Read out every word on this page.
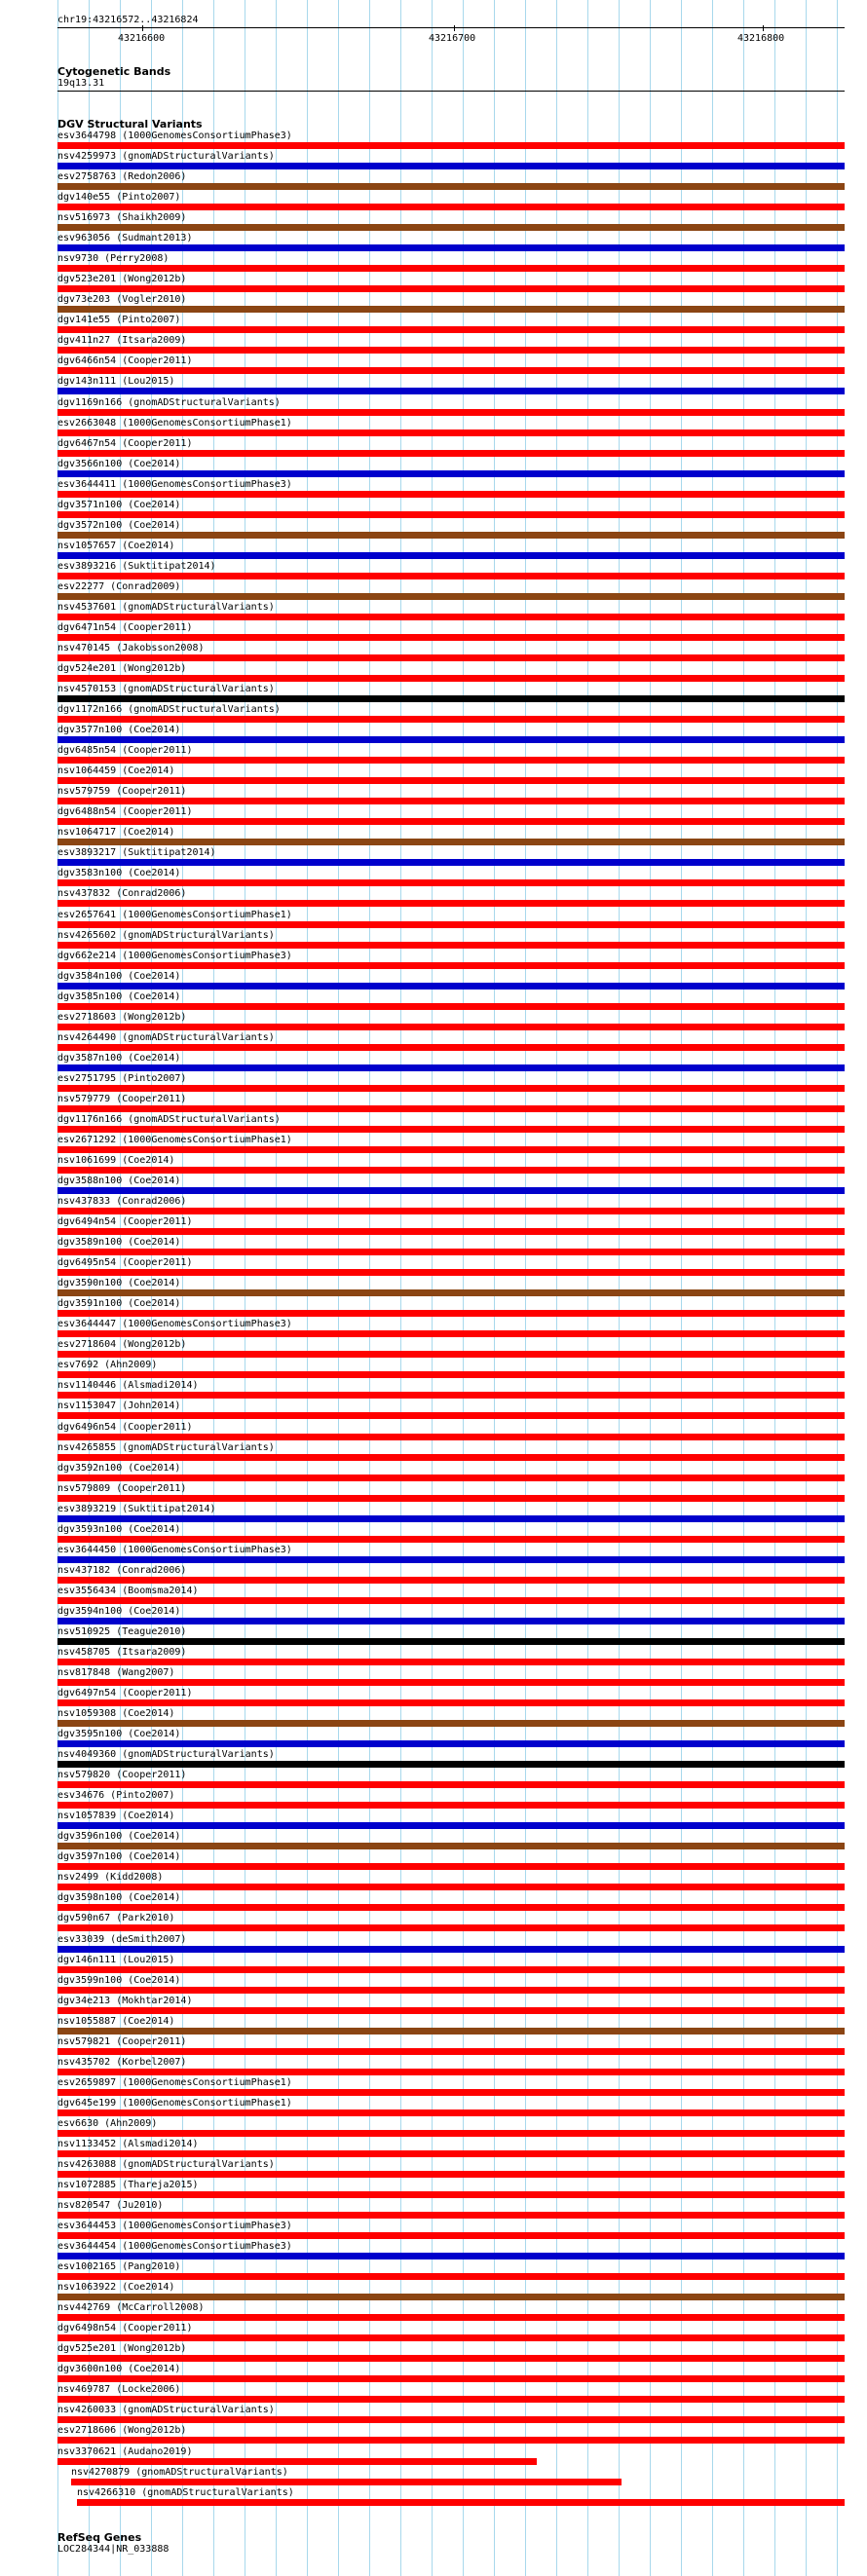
chr19:43216572..43216824
43216600	43216700	43216800
Cytogenetic Bands
19q13.31
DGV Structural Variants
esv3644798 (1000GenomesConsortiumPhase3)
nsv4259973 (gnomADStructuralVariants)
esv2758763 (Redon2006)
dgv140e55 (Pinto2007)
nsv516973 (Shaikh2009)
esv963056 (Sudmant2013)
nsv9730 (Perry2008)
dgv523e201 (Wong2012b)
dgv73e203 (Vogler2010)
dgv141e55 (Pinto2007)
dgv411n27 (Itsara2009)
dgv6466n54 (Cooper2011)
dgv143n111 (Lou2015)
dgv1169n166 (gnomADStructuralVariants)
esv2663048 (1000GenomesConsortiumPhase1)
dgv6467n54 (Cooper2011)
dgv3566n100 (Coe2014)
esv3644411 (1000GenomesConsortiumPhase3)
dgv3571n100 (Coe2014)
dgv3572n100 (Coe2014)
nsv1057657 (Coe2014)
esv3893216 (Suktitipat2014)
esv22277 (Conrad2009)
nsv4537601 (gnomADStructuralVariants)
dgv6471n54 (Cooper2011)
nsv470145 (Jakobsson2008)
dgv524e201 (Wong2012b)
nsv4570153 (gnomADStructuralVariants)
dgv1172n166 (gnomADStructuralVariants)
dgv3577n100 (Coe2014)
dgv6485n54 (Cooper2011)
nsv1064459 (Coe2014)
nsv579759 (Cooper2011)
dgv6488n54 (Cooper2011)
nsv1064717 (Coe2014)
esv3893217 (Suktitipat2014)
dgv3583n100 (Coe2014)
nsv437832 (Conrad2006)
esv2657641 (1000GenomesConsortiumPhase1)
nsv4265602 (gnomADStructuralVariants)
dgv662e214 (1000GenomesConsortiumPhase3)
dgv3584n100 (Coe2014)
dgv3585n100 (Coe2014)
esv2718603 (Wong2012b)
nsv4264490 (gnomADStructuralVariants)
dgv3587n100 (Coe2014)
esv2751795 (Pinto2007)
nsv579779 (Cooper2011)
dgv1176n166 (gnomADStructuralVariants)
esv2671292 (1000GenomesConsortiumPhase1)
nsv1061699 (Coe2014)
dgv3588n100 (Coe2014)
nsv437833 (Conrad2006)
dgv6494n54 (Cooper2011)
dgv3589n100 (Coe2014)
dgv6495n54 (Cooper2011)
dgv3590n100 (Coe2014)
dgv3591n100 (Coe2014)
esv3644447 (1000GenomesConsortiumPhase3)
esv2718604 (Wong2012b)
esv7692 (Ahn2009)
nsv1140446 (Alsmadi2014)
nsv1153047 (John2014)
dgv6496n54 (Cooper2011)
nsv4265855 (gnomADStructuralVariants)
dgv3592n100 (Coe2014)
nsv579809 (Cooper2011)
esv3893219 (Suktitipat2014)
dgv3593n100 (Coe2014)
esv3644450 (1000GenomesConsortiumPhase3)
nsv437182 (Conrad2006)
esv3556434 (Boomsma2014)
dgv3594n100 (Coe2014)
nsv510925 (Teague2010)
nsv458705 (Itsara2009)
nsv817848 (Wang2007)
dgv6497n54 (Cooper2011)
nsv1059308 (Coe2014)
dgv3595n100 (Coe2014)
nsv4049360 (gnomADStructuralVariants)
nsv579820 (Cooper2011)
esv34676 (Pinto2007)
nsv1057839 (Coe2014)
dgv3596n100 (Coe2014)
dgv3597n100 (Coe2014)
nsv2499 (Kidd2008)
dgv3598n100 (Coe2014)
dgv590n67 (Park2010)
esv33039 (deSmith2007)
dgv146n111 (Lou2015)
dgv3599n100 (Coe2014)
dgv34e213 (Mokhtar2014)
nsv1055887 (Coe2014)
nsv579821 (Cooper2011)
nsv435702 (Korbel2007)
esv2659897 (1000GenomesConsortiumPhase1)
dgv645e199 (1000GenomesConsortiumPhase1)
esv6630 (Ahn2009)
nsv1133452 (Alsmadi2014)
nsv4263088 (gnomADStructuralVariants)
nsv1072885 (Thareja2015)
nsv820547 (Ju2010)
esv3644453 (1000GenomesConsortiumPhase3)
esv3644454 (1000GenomesConsortiumPhase3)
esv1002165 (Pang2010)
nsv1063922 (Coe2014)
nsv442769 (McCarroll2008)
dgv6498n54 (Cooper2011)
dgv525e201 (Wong2012b)
dgv3600n100 (Coe2014)
nsv469787 (Locke2006)
nsv4260033 (gnomADStructuralVariants)
esv2718606 (Wong2012b)
nsv3370621 (Audano2019)
nsv4270879 (gnomADStructuralVariants)
nsv4266310 (gnomADStructuralVariants)
RefSeq Genes
LOC284344|NR_033888
